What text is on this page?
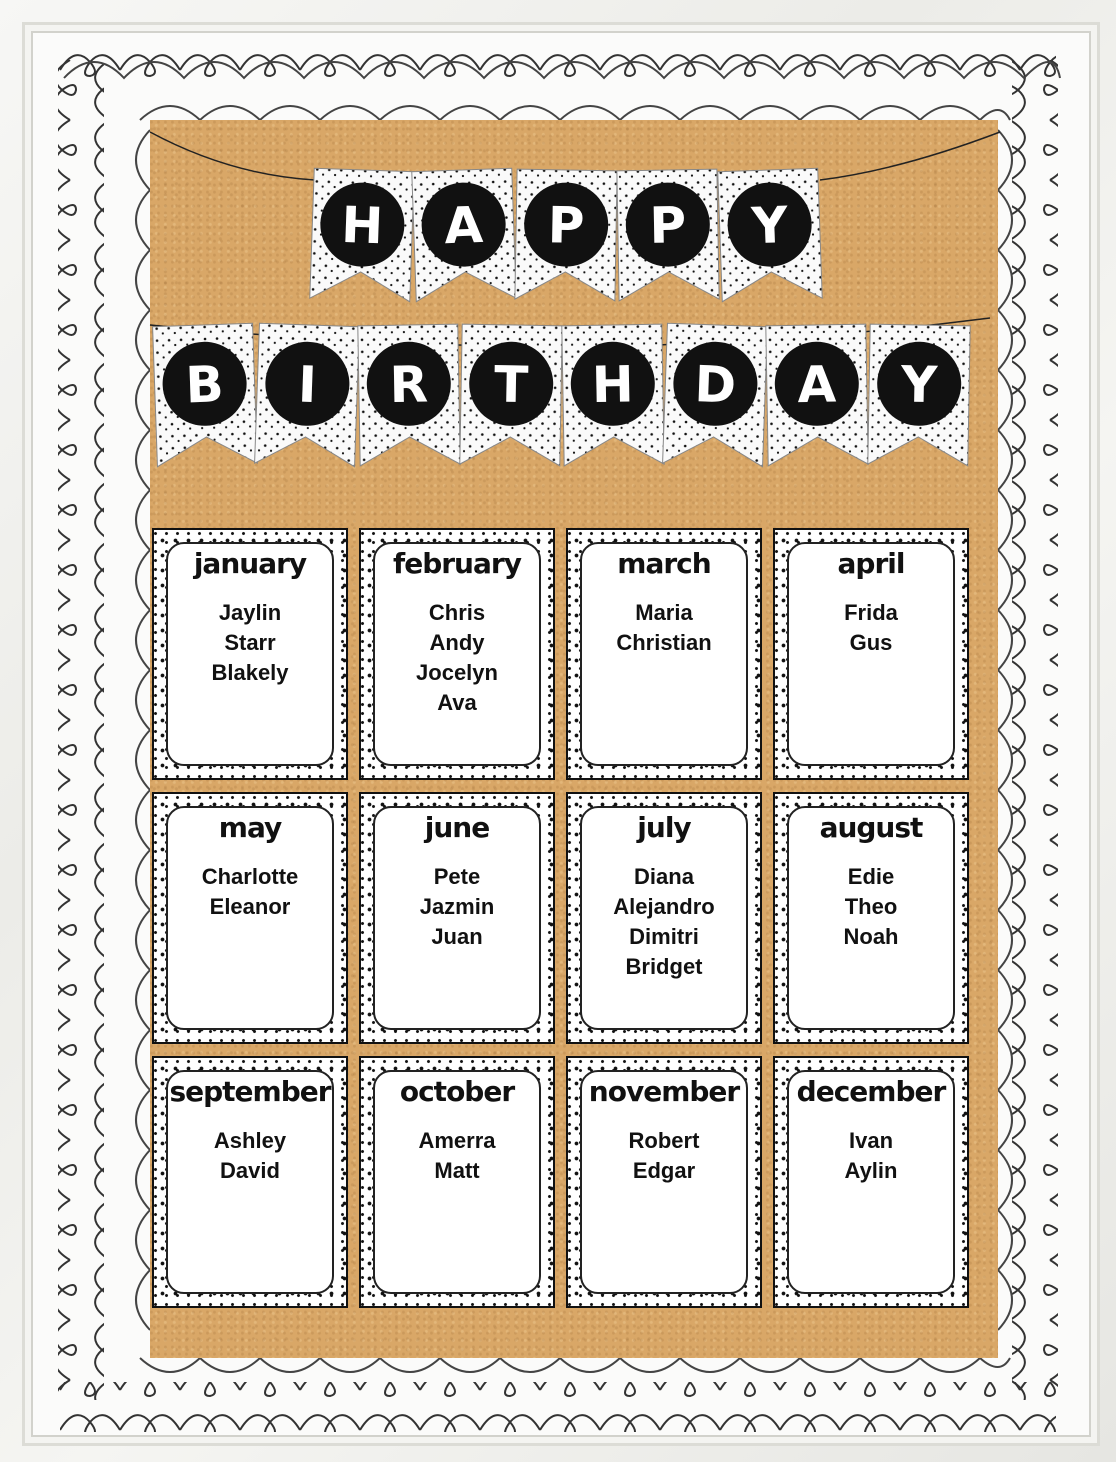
H A P P Y
B I R T H D A Y
january
Jaylin
Starr
Blakely
february
Chris
Andy
Jocelyn
Ava
march
Maria
Christian
april
Frida
Gus
may
Charlotte
Eleanor
june
Pete
Jazmin
Juan
july
Diana
Alejandro
Dimitri
Bridget
august
Edie
Theo
Noah
september
Ashley
David
october
Amerra
Matt
november
Robert
Edgar
december
Ivan
Aylin
